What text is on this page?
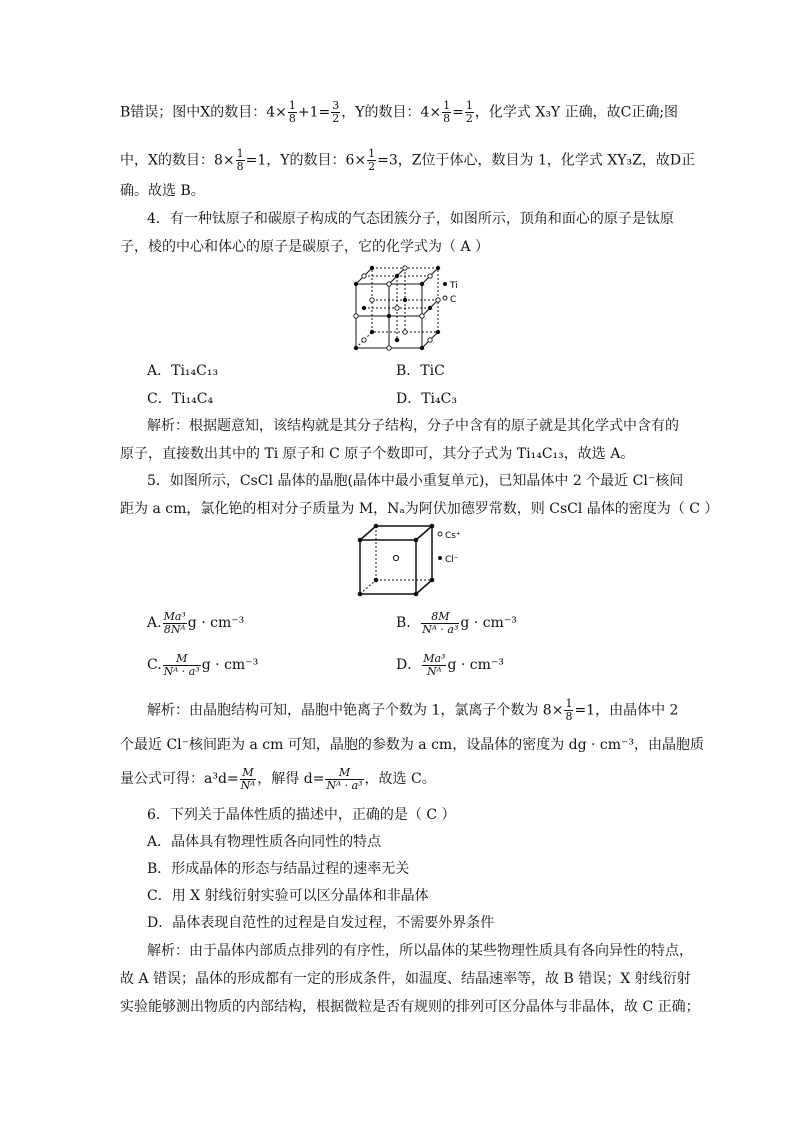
B错误；图中X的数目：$4\times \frac{1}{8} +1= \frac{3}{2}$ ，Y的数目：$4\times \frac{1}{8} = \frac{1}{2}$ ，化学式 X₃Y 正确，故C正确;图
中，X的数目：$8\times \frac{1}{8} =1$，Y的数目：$6\times \frac{1}{2} =3$，Z位于体心，数目为 1，化学式 XY₃Z，故D正
确。故选 B。
4．有一种钛原子和碳原子构成的气态团簇分子，如图所示，顶角和面心的原子是钛原
子，棱的中心和体心的原子是碳原子，它的化学式为（ A ）
Ti
C
A．Ti₁₄C₁₃	B．TiC
C．Ti₁₄C₄	D．Ti₄C₃
解析：根据题意知，该结构就是其分子结构，分子中含有的原子就是其化学式中含有的
原子，直接数出其中的 Ti 原子和 C 原子个数即可，其分子式为 Ti₁₄C₁₃，故选 A。
5．如图所示，CsCl 晶体的晶胞(晶体中最小重复单元)，已知晶体中 2 个最近 Cl⁻核间
距为 a cm，氯化铯的相对分子质量为 M，Nₐ为阿伏加德罗常数，则 CsCl 晶体的密度为（ C ）
Cs⁺
Cl⁻
A. $\frac{\text{Ma³}}{\text{8Nᴬ}}$ g · cm⁻³	B． $\frac{8M}{\text{Nᴬ · a³}}$ g · cm⁻³
C. $\frac{M}{\text{Nᴬ · a³}}$ g · cm⁻³	D． $\frac{\text{Ma³}}{\text{Nᴬ}}$ g · cm⁻³
解析：由晶胞结构可知，晶胞中铯离子个数为 1，氯离子个数为 $8\times \frac{1}{8} =1$，由晶体中 2
个最近 Cl⁻核间距为 a cm 可知，晶胞的参数为 a cm，设晶体的密度为 dg · cm⁻³，由晶胞质
量公式可得：$a^3d= \frac{M}{\text{Nᴬ}}$ ，解得 $d= \frac{M}{\text{Nᴬ · a³}}$ ，故选 C。
6．下列关于晶体性质的描述中，正确的是（ C ）
A．晶体具有物理性质各向同性的特点
B．形成晶体的形态与结晶过程的速率无关
C．用 X 射线衍射实验可以区分晶体和非晶体
D．晶体表现自范性的过程是自发过程，不需要外界条件
解析：由于晶体内部质点排列的有序性，所以晶体的某些物理性质具有各向异性的特点，
故 A 错误；晶体的形成都有一定的形成条件，如温度、结晶速率等，故 B 错误；X 射线衍射
实验能够测出物质的内部结构，根据微粒是否有规则的排列可区分晶体与非晶体，故 C 正确；
